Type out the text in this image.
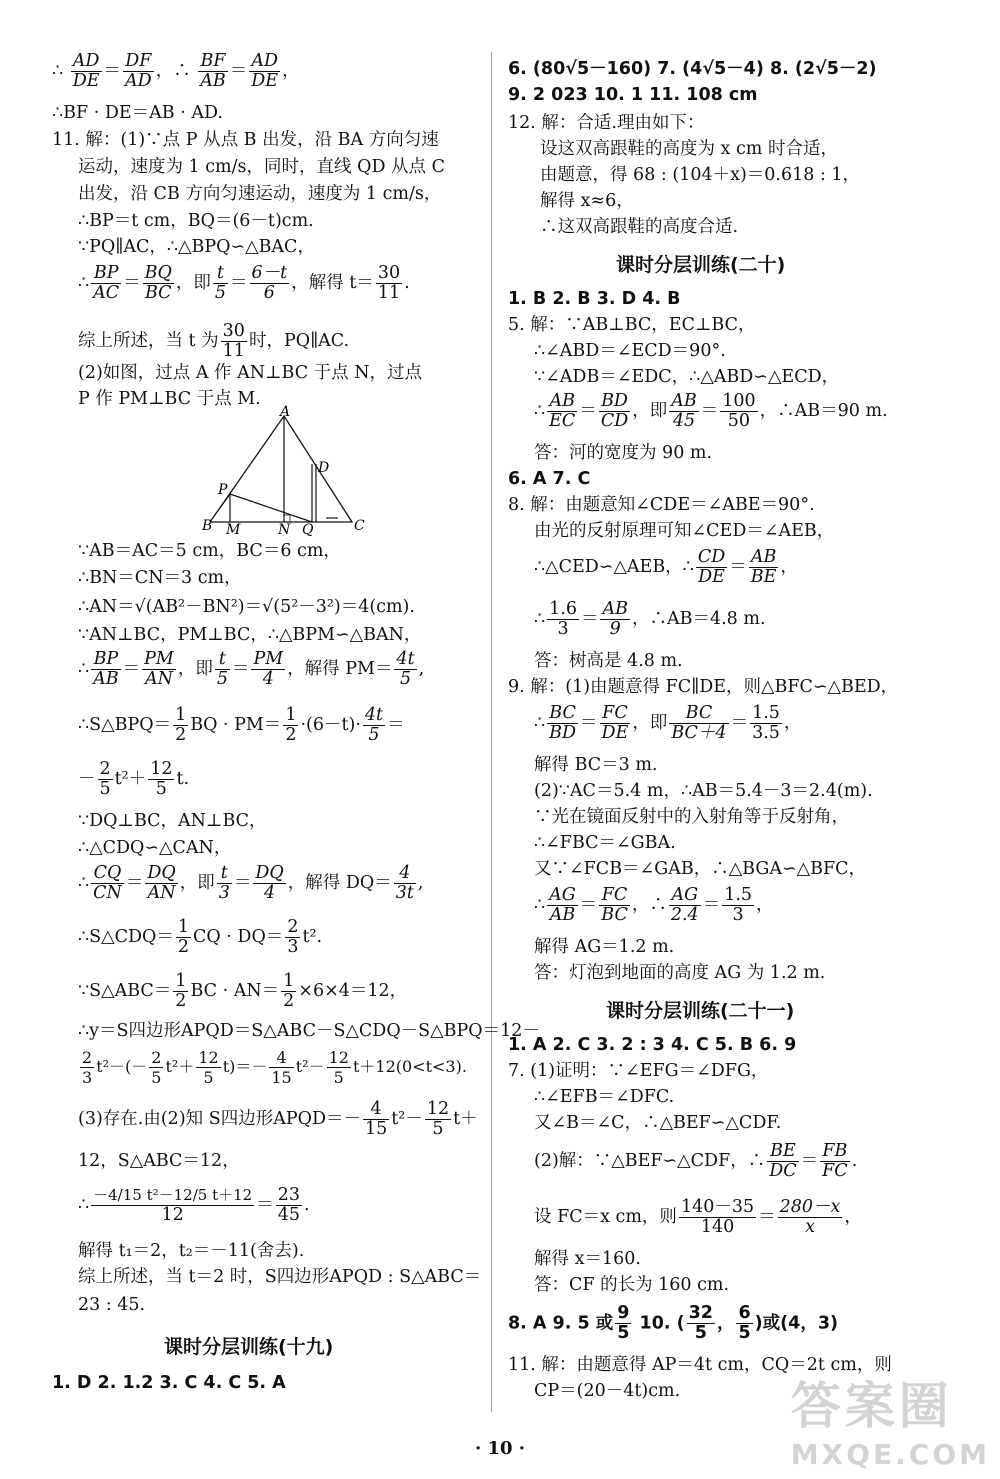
∴ $\frac{AD}{DE} = \frac{DF}{AD}$ ，∴ $\frac{BF}{AB} = \frac{AD}{DE}$ ，
∴BF · DE＝AB · AD.
11. 解：(1)∵点 P 从点 B 出发，沿 BA 方向匀速
运动，速度为 1 cm/s，同时，直线 QD 从点 C
出发，沿 CB 方向匀速运动，速度为 1 cm/s，
∴BP＝t cm，BQ＝(6－t)cm.
∵PQ∥AC，∴△BPQ∽△BAC，
∴ $\frac{BP}{AC} = \frac{BQ}{BC}$ ，即 $\frac{t}{5} = \frac{6-t}{6}$ ，解得 $t= \frac{30}{11}$ .
综上所述，当 t 为 $\frac{30}{11}$ 时，PQ∥AC.
(2)如图，过点 A 作 AN⊥BC 于点 N，过点
P 作 PM⊥BC 于点 M.
A
B	C
D
P
M	N Q
∵AB＝AC＝5 cm，BC＝6 cm，
∴BN＝CN＝3 cm，
∴AN＝√(AB²－BN²)＝√(5²－3²)＝4(cm).
∵AN⊥BC，PM⊥BC，∴△BPM∽△BAN，
∴ $\frac{BP}{AB} = \frac{PM}{AN}$ ，即 $\frac{t}{5} = \frac{PM}{4}$ ，解得 $PM= \frac{4t}{5}$ ,
∴S△BPQ＝ $\frac{1}{2}$ BQ · $PM= \frac{1}{2} \cdot(6-t)\cdot \frac{4t}{5}$ ＝
－ $\frac{2}{5} t^2+ \frac{12}{5} t$.
∵DQ⊥BC，AN⊥BC，
∴△CDQ∽△CAN，
∴ $\frac{CQ}{CN} = \frac{DQ}{AN}$ ，即 $\frac{t}{3} = \frac{DQ}{4}$ ，解得 $DQ= \frac{4}{3t}$ ,
∴S△CDQ＝ $\frac{1}{2}$ CQ · $DQ= \frac{2}{3} t^2$.
∵S△ABC＝ $\frac{1}{2}$ BC · $AN= \frac{1}{2} \times 6\times 4=12$，
∴y＝S四边形APQD＝S△ABC－S△CDQ－S△BPQ＝12－
$\frac{2}{3} t^2-(- \frac{2}{5} t^2+ \frac{12}{5} t)=- \frac{4}{15} t^2- \frac{12}{5} t+12(0<t<3)$.
(3)存在.由(2)知 S四边形APQD＝－ $\frac{4}{15} t^2- \frac{12}{5} t+$
12，S△ABC＝12，
∴ $\frac{\text{－4/15 t²－12/5 t＋12}}{12} = \frac{23}{45}$ .
解得 t₁＝2，t₂＝－11(舍去).
综上所述，当 t＝2 时，S四边形APQD : S△ABC＝
23 : 45.
课时分层训练(十九)
1. D 2. 1.2 3. C 4. C 5. A
6. (80√5－160) 7. (4√5－4) 8. (2√5－2)
9. 2 023 10. 1 11. 108 cm
12. 解：合适.理由如下：
设这双高跟鞋的高度为 x cm 时合适，
由题意，得 68 : (104＋x)＝0.618 : 1，
解得 x≈6，
∴这双高跟鞋的高度合适.
课时分层训练(二十)
1. B 2. B 3. D 4. B
5. 解：∵AB⊥BC，EC⊥BC，
∴∠ABD＝∠ECD＝90°.
∵∠ADB＝∠EDC，∴△ABD∽△ECD，
∴ $\frac{AB}{EC} = \frac{BD}{CD}$ ，即 $\frac{AB}{45} = \frac{100}{50}$ ，∴AB＝90 m.
答：河的宽度为 90 m.
6. A 7. C
8. 解：由题意知∠CDE＝∠ABE＝90°.
由光的反射原理可知∠CED＝∠AEB，
∴△CED∽△AEB，∴ $\frac{CD}{DE} = \frac{AB}{BE}$ ，
∴ $\frac{1.6}{3} = \frac{AB}{9}$ ，∴AB＝4.8 m.
答：树高是 4.8 m.
9. 解：(1)由题意得 FC∥DE，则△BFC∽△BED，
∴ $\frac{BC}{BD} = \frac{FC}{DE}$ ，即 $\frac{BC}{BC+4} = \frac{1.5}{3.5}$ ，
解得 BC＝3 m.
(2)∵AC＝5.4 m，∴AB＝5.4－3＝2.4(m).
∵光在镜面反射中的入射角等于反射角，
∴∠FBC＝∠GBA.
又∵∠FCB＝∠GAB，∴△BGA∽△BFC，
∴ $\frac{AG}{AB} = \frac{FC}{BC}$ ，∴ $\frac{AG}{2.4} = \frac{1.5}{3}$ ，
解得 AG＝1.2 m.
答：灯泡到地面的高度 AG 为 1.2 m.
课时分层训练(二十一)
1. A 2. C 3. 2 : 3 4. C 5. B 6. 9
7. (1)证明：∵∠EFG＝∠DFG，
∴∠EFB＝∠DFC.
又∠B＝∠C，∴△BEF∽△CDF.
(2)解：∵△BEF∽△CDF，∴ $\frac{BE}{DC} = \frac{FB}{FC}$ .
设 FC＝x cm，则 $\frac{140-35}{140} = \frac{280-x}{x}$ ，
解得 x＝160.
答：CF 的长为 160 cm.
8. A 9. 5 或 $\frac{9}{5} 10$. ( $\frac{32}{5}$ ， $\frac{6}{5}$ )或(4，3)
11. 解：由题意得 AP＝4t cm，CQ＝2t cm，则
CP＝(20－4t)cm.
· 10 ·
答案圈
MXQE.COM
